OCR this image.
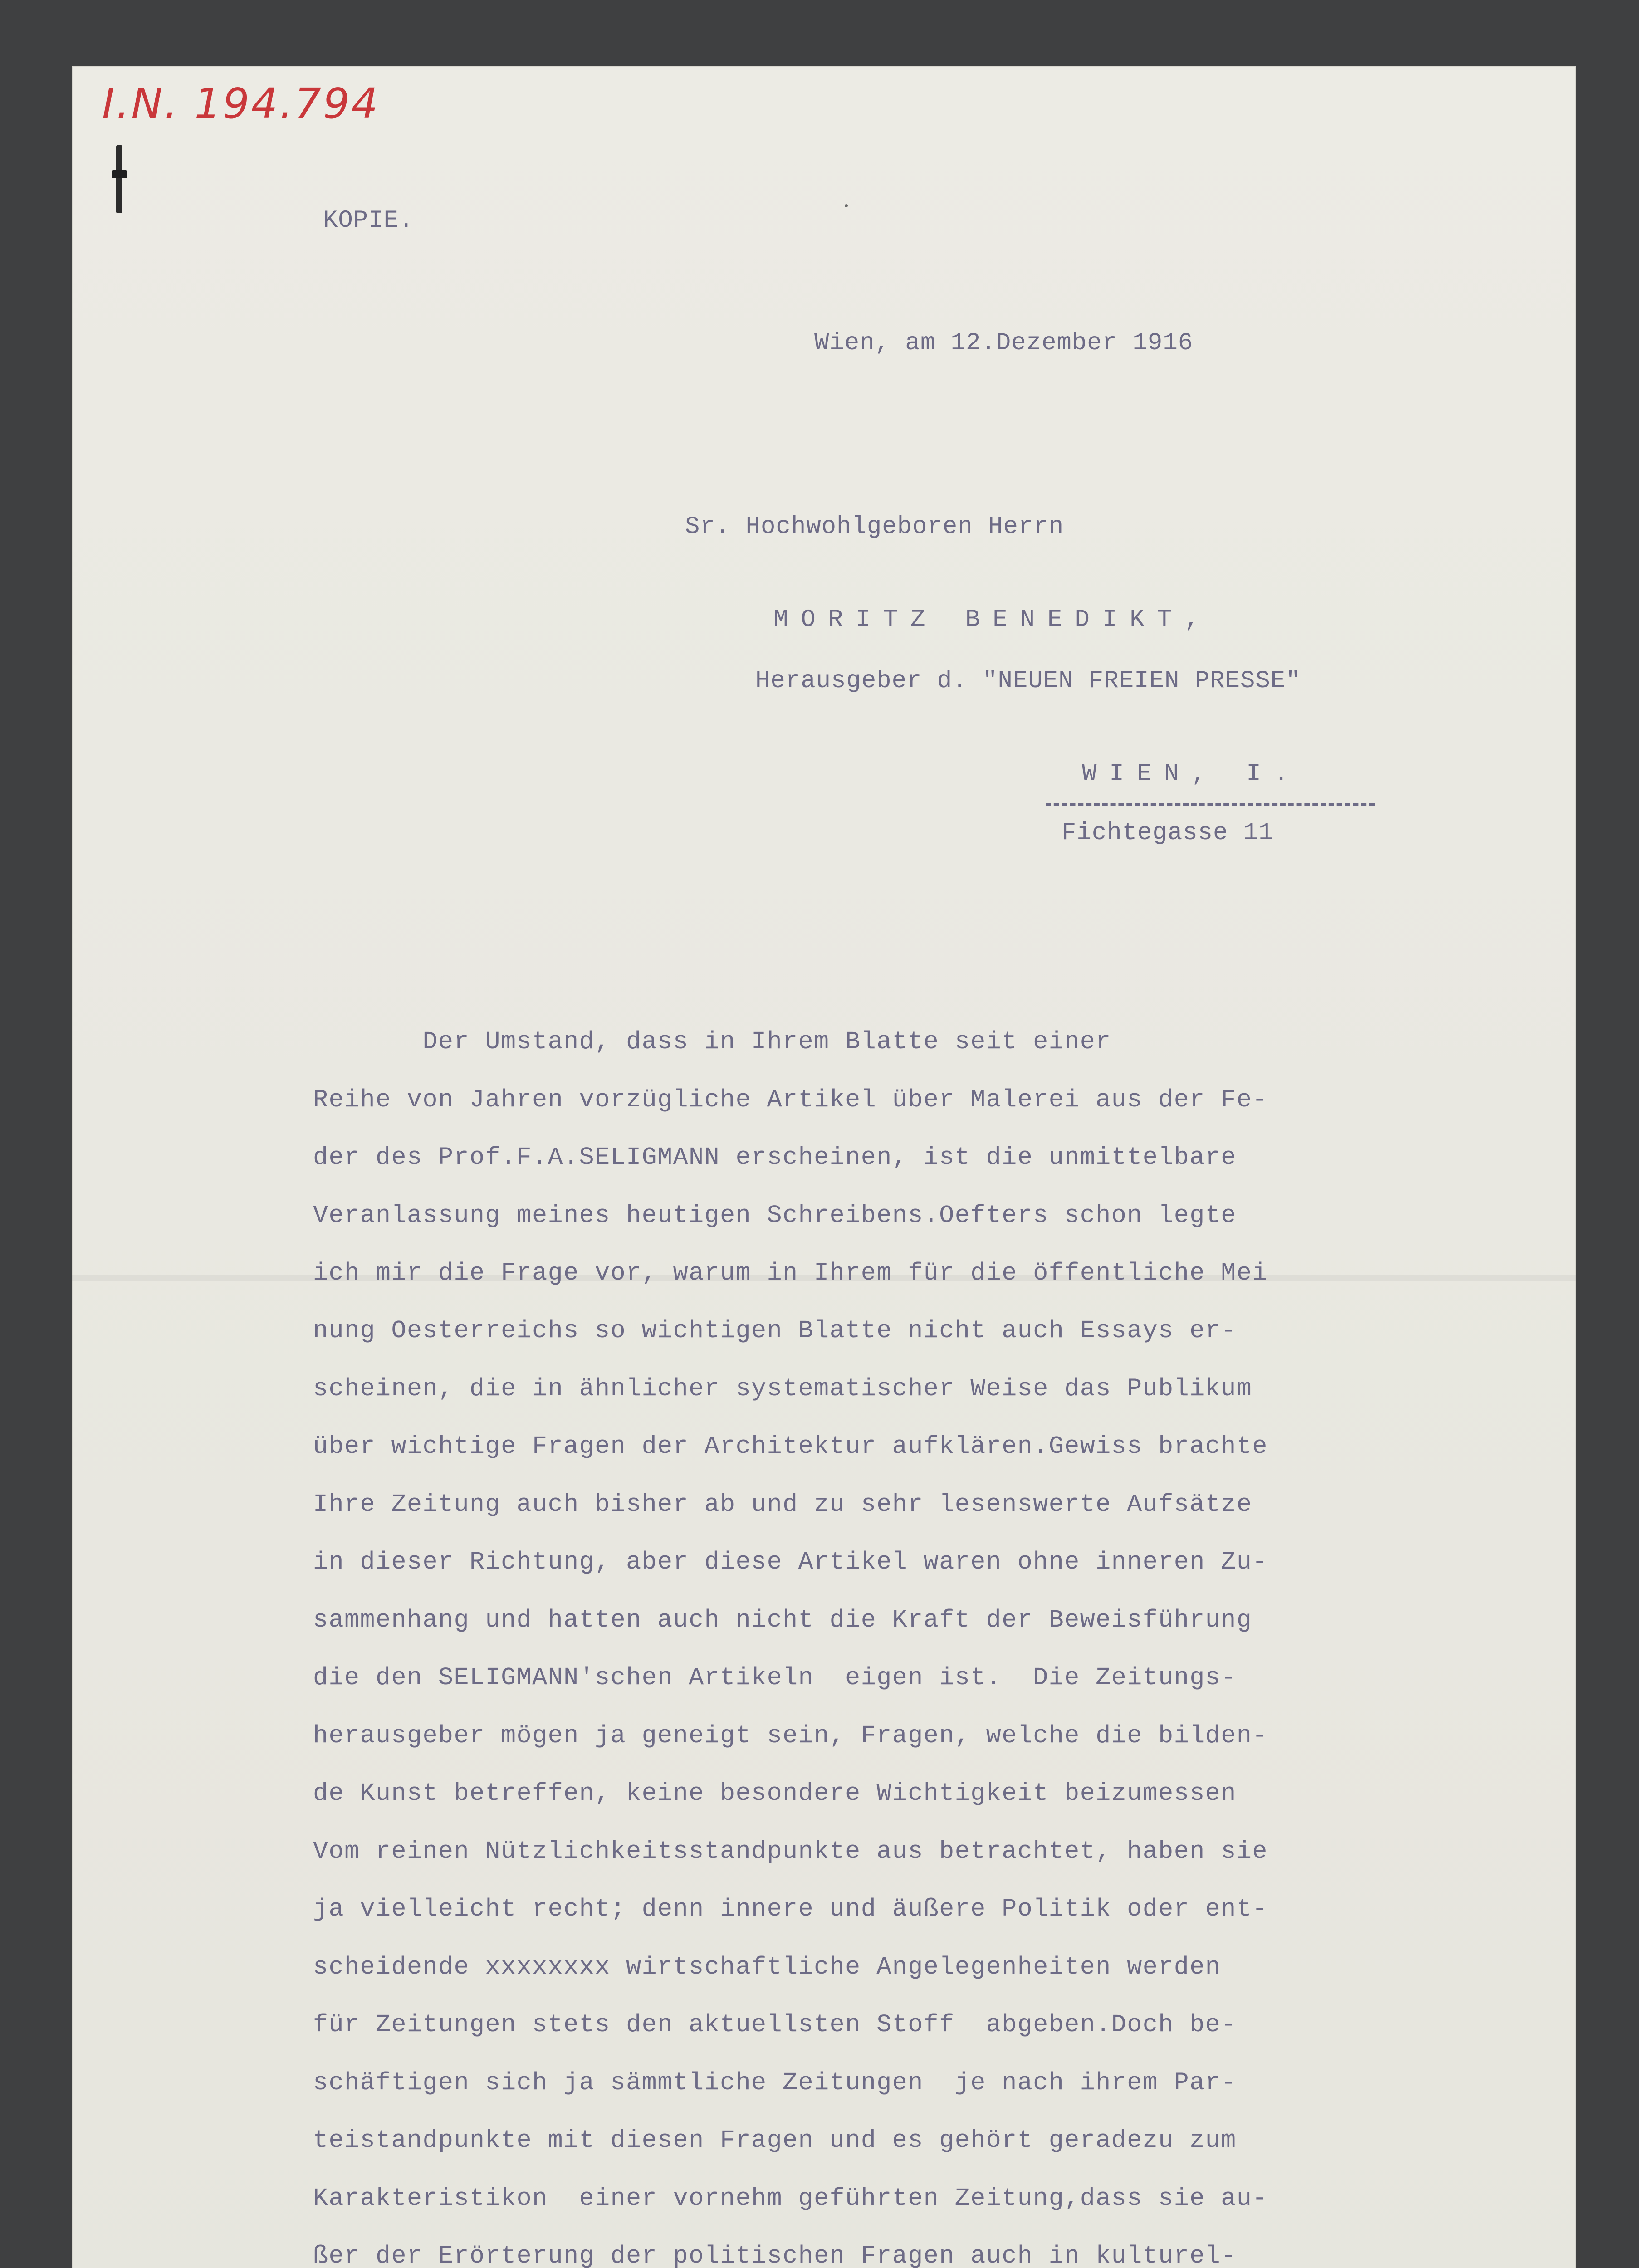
I.N. 194.794
KOPIE.
Wien, am 12.Dezember 1916
Sr. Hochwohlgeboren Herrn
MORITZ BENEDIKT,
Herausgeber d. "NEUEN FREIEN PRESSE"
WIEN, I.
Fichtegasse 11
Der Umstand, dass in Ihrem Blatte seit einer
Reihe von Jahren vorzügliche Artikel über Malerei aus der Fe-
der des Prof.F.A.SELIGMANN erscheinen, ist die unmittelbare
Veranlassung meines heutigen Schreibens.Oefters schon legte
ich mir die Frage vor, warum in Ihrem für die öffentliche Mei
nung Oesterreichs so wichtigen Blatte nicht auch Essays er-
scheinen, die in ähnlicher systematischer Weise das Publikum
über wichtige Fragen der Architektur aufklären.Gewiss brachte
Ihre Zeitung auch bisher ab und zu sehr lesenswerte Aufsätze
in dieser Richtung, aber diese Artikel waren ohne inneren Zu-
sammenhang und hatten auch nicht die Kraft der Beweisführung
die den SELIGMANN'schen Artikeln  eigen ist.  Die Zeitungs-
herausgeber mögen ja geneigt sein, Fragen, welche die bilden-
de Kunst betreffen, keine besondere Wichtigkeit beizumessen
Vom reinen Nützlichkeitsstandpunkte aus betrachtet, haben sie
ja vielleicht recht; denn innere und äußere Politik oder ent-
scheidende xxxxxxxx wirtschaftliche Angelegenheiten werden
für Zeitungen stets den aktuellsten Stoff  abgeben.Doch be-
schäftigen sich ja sämmtliche Zeitungen  je nach ihrem Par-
teistandpunkte mit diesen Fragen und es gehört geradezu zum
Karakteristikon  einer vornehm geführten Zeitung,dass sie au-
ßer der Erörterung der politischen Fragen auch in kulturel-
